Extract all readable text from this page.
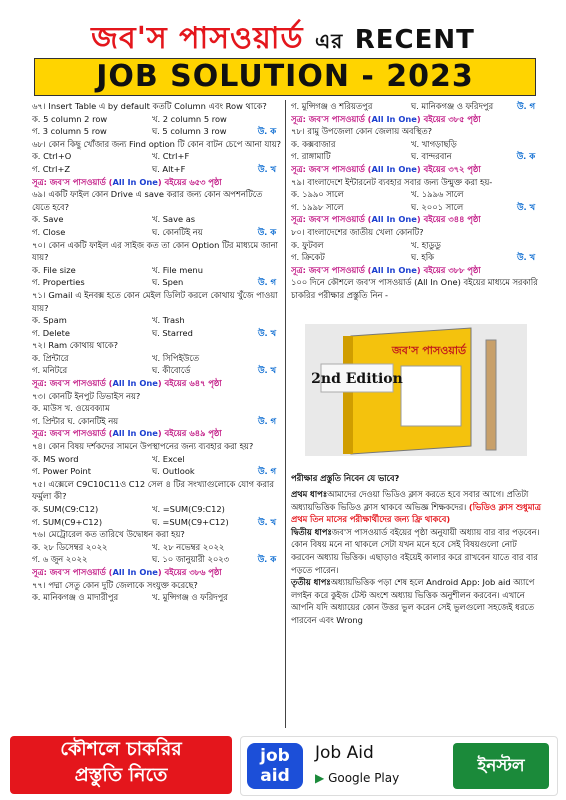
জব'স পাসওয়ার্ড এর RECENT
JOB SOLUTION - 2023
৬৭। Insert Table এ by default কতটি Column এবং Row থাকে?
ক. 5 column 2 row	খ. 2 column 5 row
গ. 3 column 5 row	ঘ. 5 column 3 row	উ. ক
৬৮। কোন কিছু খোঁজার জন্য Find option টি কোন বাটন চেপে আনা যায়?
ক. Ctrl+O	খ. Ctrl+F
গ. Ctrl+Z	ঘ. Alt+F	উ. খ
সূত্র: জব'স পাসওয়ার্ড (All In One) বইয়ের ৬৫৩ পৃষ্ঠা
৬৯। একটি ফাইল কোন Drive এ save করার জন্য কোন অপশনটিতে যেতে হবে?
ক. Save	খ. Save as
গ. Close	ঘ. কোনটিই নয়	উ. ক
৭০। কোন একটি ফাইল এর সাইজ কত তা কোন Option টির মাধ্যমে জানা যায়?
ক. File size	খ. File menu
গ. Properties	ঘ. Spen	উ. গ
৭১। Gmail এ ইনবক্স হতে কোন মেইল ডিলিট করলে কোথায় খুঁজে পাওয়া যায়?
ক. Spam	খ. Trash
গ. Delete	ঘ. Starred	উ. খ
৭২। Ram কোথায় থাকে?
ক. প্রিন্টারে	খ. সিপিইউতে
গ. মনিটরে	ঘ. কীবোর্ডে	উ. খ
সূত্র: জব'স পাসওয়ার্ড (All In One) বইয়ের ৬৪৭ পৃষ্ঠা
৭৩। কোনটি ইনপুট ডিভাইস নয়?
ক. মাউস খ. ওয়েবক্যাম
গ. প্রিন্টার ঘ. কোনটিই নয়	উ. গ
সূত্র: জব'স পাসওয়ার্ড (All In One) বইয়ের ৬৪৯ পৃষ্ঠা
৭৪। কোন বিষয় দর্শকদের সামনে উপস্থাপনের জন্য ব্যবহার করা হয়?
ক. MS word	খ. Excel
গ. Power Point	ঘ. Outlook	উ. গ
৭৫। এক্সেলে C9C10C11ও C12 সেল ৪ টির সংখ্যাগুলোকে যোগ করার ফর্মুলা কী?
ক. SUM(C9:C12)	খ. =SUM(C9:C12)
গ. SUM(C9+C12)	ঘ. =SUM(C9+C12)	উ. খ
৭৬। মেট্রোরেল কত তারিখে উদ্বোধন করা হয়?
ক. ২৮ ডিসেম্বর ২০২২	খ. ২৮ নভেম্বর ২০২২
গ. ৬ জুন ২০২২	ঘ. ১০ জানুয়ারী ২০২৩	উ. ক
সূত্র: জব'স পাসওয়ার্ড (All In One) বইয়ের ৩৮৬ পৃষ্ঠা
৭৭। পদ্মা সেতু কোন দুটি জেলাকে সংযুক্ত করেছে?
ক. মানিকগঞ্জ ও মাদারীপুর	খ. মুন্সিগঞ্জ ও ফরিদপুর
গ. মুন্সিগঞ্জ ও শরিয়তপুর	ঘ. মানিকগঞ্জ ও ফরিদপুর	উ. গ
সূত্র: জব'স পাসওয়ার্ড (All In One) বইয়ের ৩৮৫ পৃষ্ঠা
৭৮। রামু উপজেলা কোন জেলায় অবস্থিত?
ক. কক্সবাজার	খ. খাগড়াছড়ি
গ. রাঙ্গামাটি	ঘ. বান্দরবান	উ. ক
সূত্র: জব'স পাসওয়ার্ড (All In One) বইয়ের ৩৭২ পৃষ্ঠা
৭৯। বাংলাদেশে ইন্টারনেট ব্যবহার সবার জন্য উন্মুক্ত করা হয়-
ক. ১৯৯০ সালে	খ. ১৯৯৬ সালে
গ. ১৯৯৮ সালে	ঘ. ২০০১ সালে	উ. খ
সূত্র: জব'স পাসওয়ার্ড (All In One) বইয়ের ৩৪৪ পৃষ্ঠা
৮০। বাংলাদেশের জাতীয় খেলা কোনটি?
ক. ফুটবল	খ. হাডুডু
গ. ক্রিকেট	ঘ. হকি	উ. খ
সূত্র: জব'স পাসওয়ার্ড (All In One) বইয়ের ৩৮৮ পৃষ্ঠা
১০০ দিনে কৌশলে জব'স পাসওয়ার্ড (All In One) বইয়ের মাধ্যমে সরকারি চাকরির পরীক্ষার প্রস্তুতি নিন -
2nd Edition
জব'স পাসওয়ার্ড
পরীক্ষার প্রস্তুতি নিবেন যে ভাবে?
প্রথম ধাপঃআমাদের দেওয়া ভিডিও ক্লাস করতে হবে সবার আগে। প্রতিটা অধ্যায়ভিত্তিক ভিডিও ক্লাস থাকবে অভিজ্ঞ শিক্ষকদের। (ভিডিও ক্লাস শুধুমাত্র প্রথম তিন মাসের পরীক্ষার্থীদের জন্য ফ্রি থাকবে)
দ্বিতীয় ধাপঃজব'স পাসওয়ার্ড বইয়ের পৃষ্ঠা অনুযায়ী অধ্যায় বার বার পড়বেন। কোন বিষয় মনে না থাকলে সেটা যখন মনে হবে সেই বিষয়গুলো নোট করবেন অধ্যায় ভিত্তিক। এছাড়াও বইয়েই কালার করে রাখবেন যাতে বার বার পড়তে পারেন।
তৃতীয় ধাপঃঅধ্যায়ভিত্তিক পড়া শেষ হলে Android App: Job aid অ্যাপে লগইন করে কুইজ টেস্ট অংশে অধ্যায় ভিত্তিক অনুশীলন করবেন। এখানে আপনি যদি অধ্যায়ের কোন উত্তর ভুল করেন সেই ভুলগুলো সহজেই ধরতে পারবেন এবং Wrong
কৌশলে চাকরির
প্রস্তুতি নিতে
job
aid
Job Aid
▶ Google Play
ইনস্টল
